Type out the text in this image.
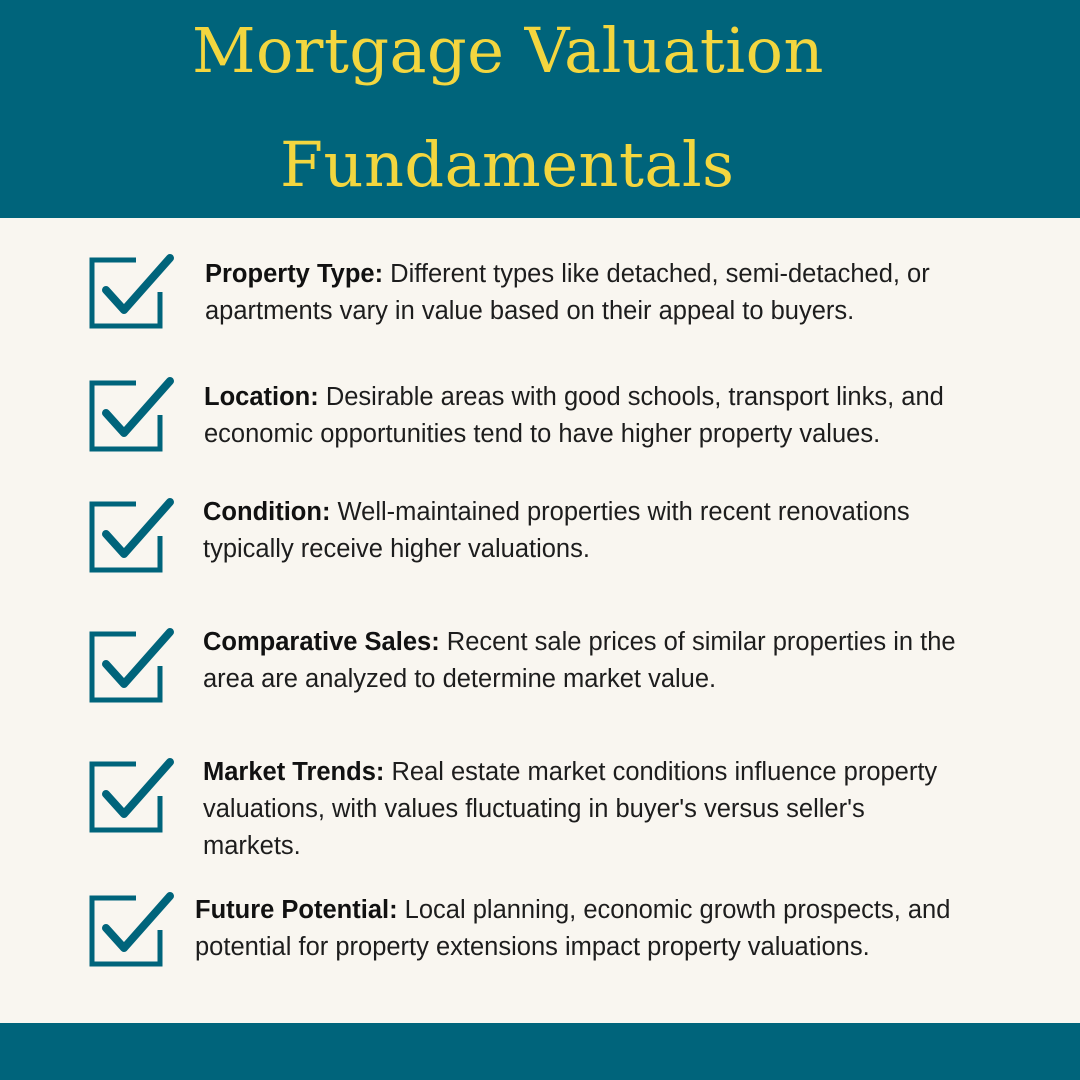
Mortgage Valuation
Fundamentals

Property Type: Different types like detached, semi-detached, or
apartments vary in value based on their appeal to buyers.

Location: Desirable areas with good schools, transport links, and
economic opportunities tend to have higher property values.

Condition: Well-maintained properties with recent renovations
typically receive higher valuations.

Comparative Sales: Recent sale prices of similar properties in the
area are analyzed to determine market value.

Market Trends: Real estate market conditions influence property
valuations, with values fluctuating in buyer's versus seller's
markets.

Future Potential: Local planning, economic growth prospects, and
potential for property extensions impact property valuations.
